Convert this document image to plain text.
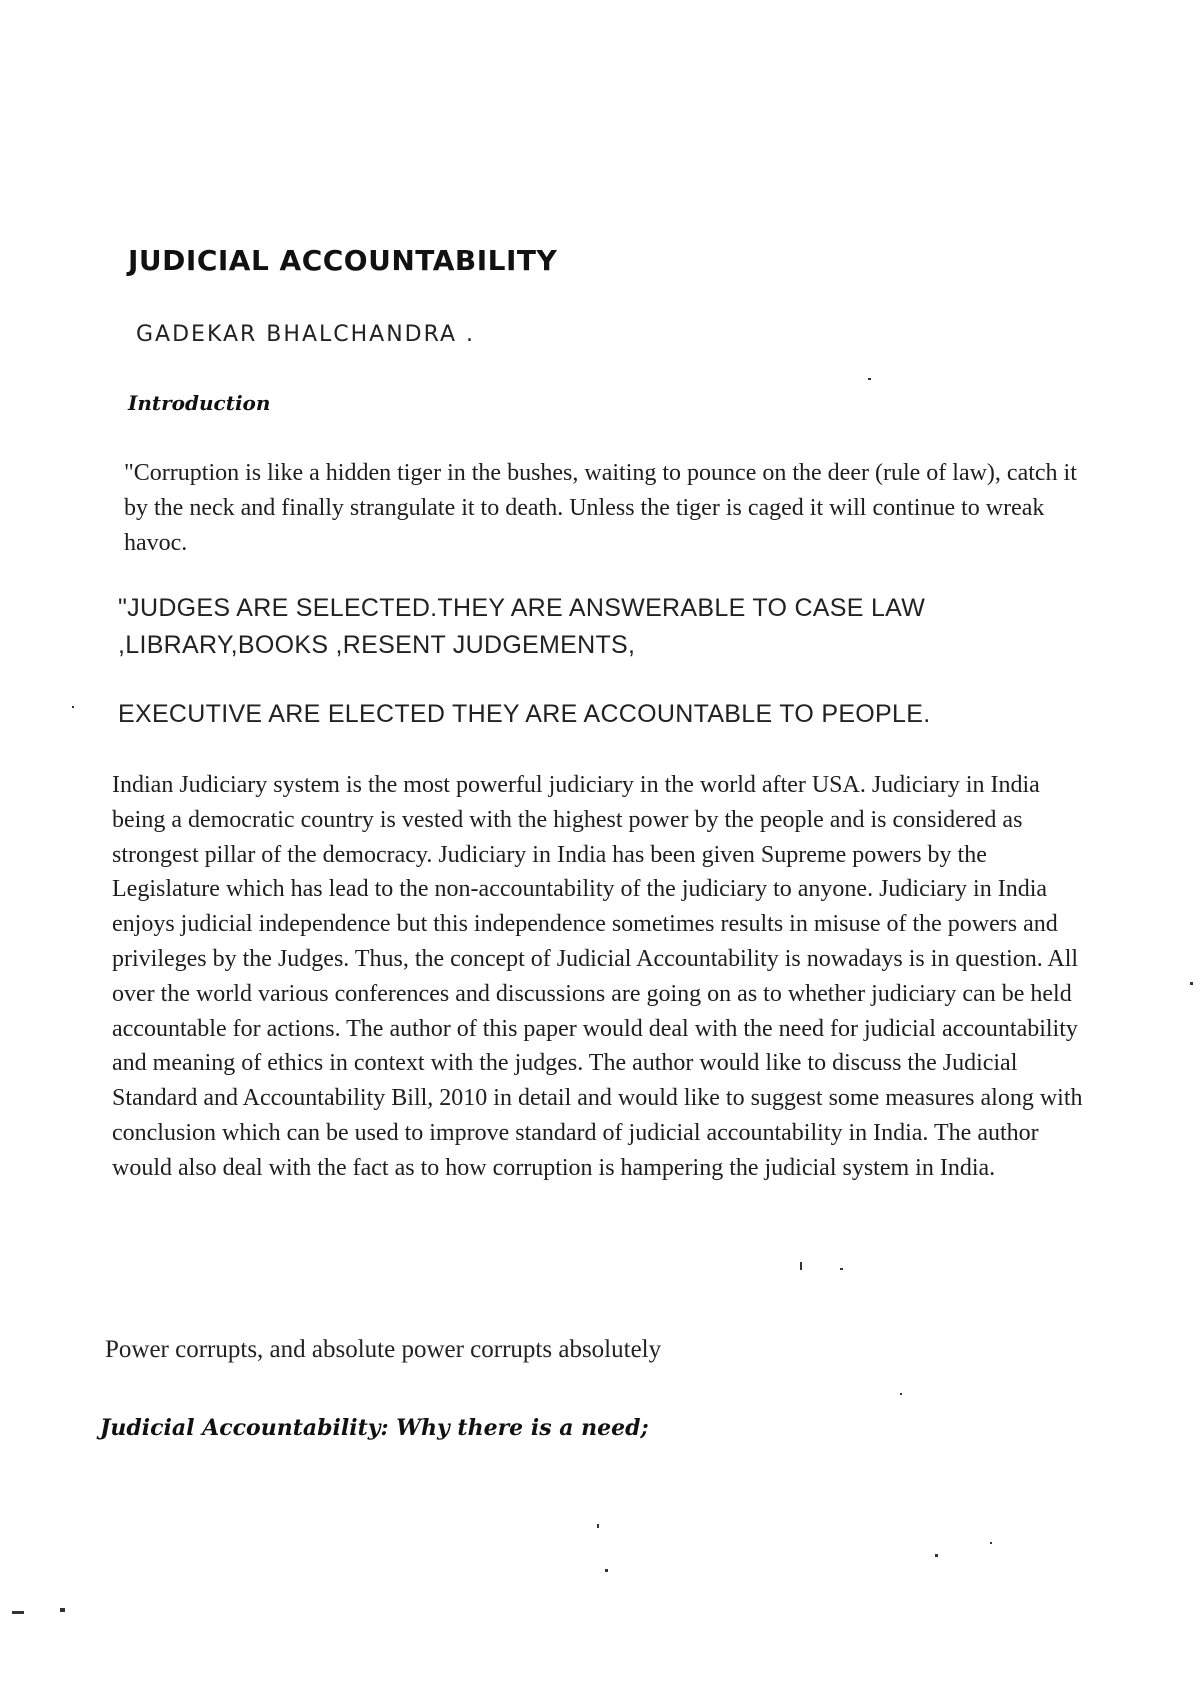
JUDICIAL ACCOUNTABILITY
GADEKAR BHALCHANDRA .
Introduction

"Corruption is like a hidden tiger in the bushes, waiting to pounce on the deer (rule of law), catch it by the neck and finally strangulate it to death. Unless the tiger is caged it will continue to wreak havoc.

"JUDGES ARE SELECTED.THEY ARE ANSWERABLE TO CASE LAW ,LIBRARY,BOOKS ,RESENT JUDGEMENTS,

EXECUTIVE ARE ELECTED THEY ARE ACCOUNTABLE TO PEOPLE.

Indian Judiciary system is the most powerful judiciary in the world after USA. Judiciary in India being a democratic country is vested with the highest power by the people and is considered as strongest pillar of the democracy. Judiciary in India has been given Supreme powers by the Legislature which has lead to the non-accountability of the judiciary to anyone. Judiciary in India enjoys judicial independence but this independence sometimes results in misuse of the powers and privileges by the Judges. Thus, the concept of Judicial Accountability is nowadays is in question. All over the world various conferences and discussions are going on as to whether judiciary can be held accountable for actions. The author of this paper would deal with the need for judicial accountability and meaning of ethics in context with the judges. The author would like to discuss the Judicial Standard and Accountability Bill, 2010 in detail and would like to suggest some measures along with conclusion which can be used to improve standard of judicial accountability in India. The author would also deal with the fact as to how corruption is hampering the judicial system in India.

Power corrupts, and absolute power corrupts absolutely

Judicial Accountability: Why there is a need;
